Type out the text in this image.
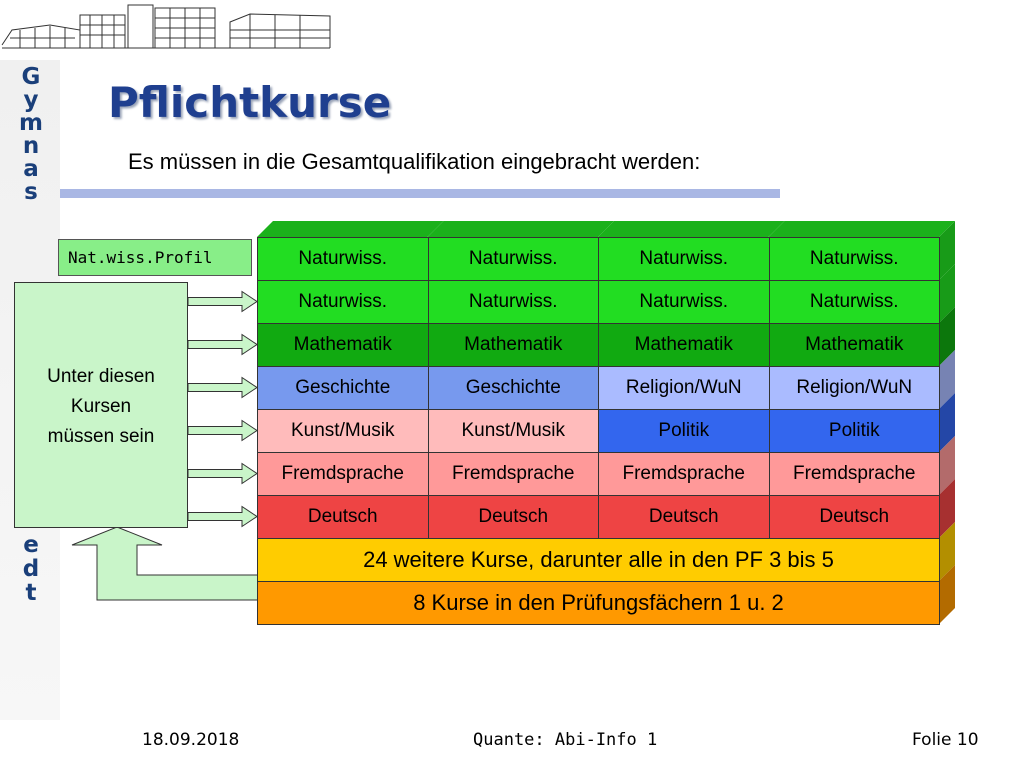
G
y
m
n
a
s
e
d
t
Pflichtkurse

Es müssen in die Gesamtqualifikation eingebracht werden:

Nat.wiss.Profil	Naturwiss.	Naturwiss.	Naturwiss.	Naturwiss.
Naturwiss.	Naturwiss.	Naturwiss.	Naturwiss.
Mathematik	Mathematik	Mathematik	Mathematik
Geschichte	Geschichte	Religion/WuN	Religion/WuN
Kunst/Musik	Kunst/Musik	Politik	Politik
Fremdsprache	Fremdsprache	Fremdsprache	Fremdsprache
Deutsch	Deutsch	Deutsch	Deutsch
24 weitere Kurse, darunter alle in den PF 3 bis 5
8 Kurse in den Prüfungsfächern 1 u. 2
Unter diesen
Kursen
müssen sein
18.09.2018	Quante: Abi-Info 1	Folie 10
